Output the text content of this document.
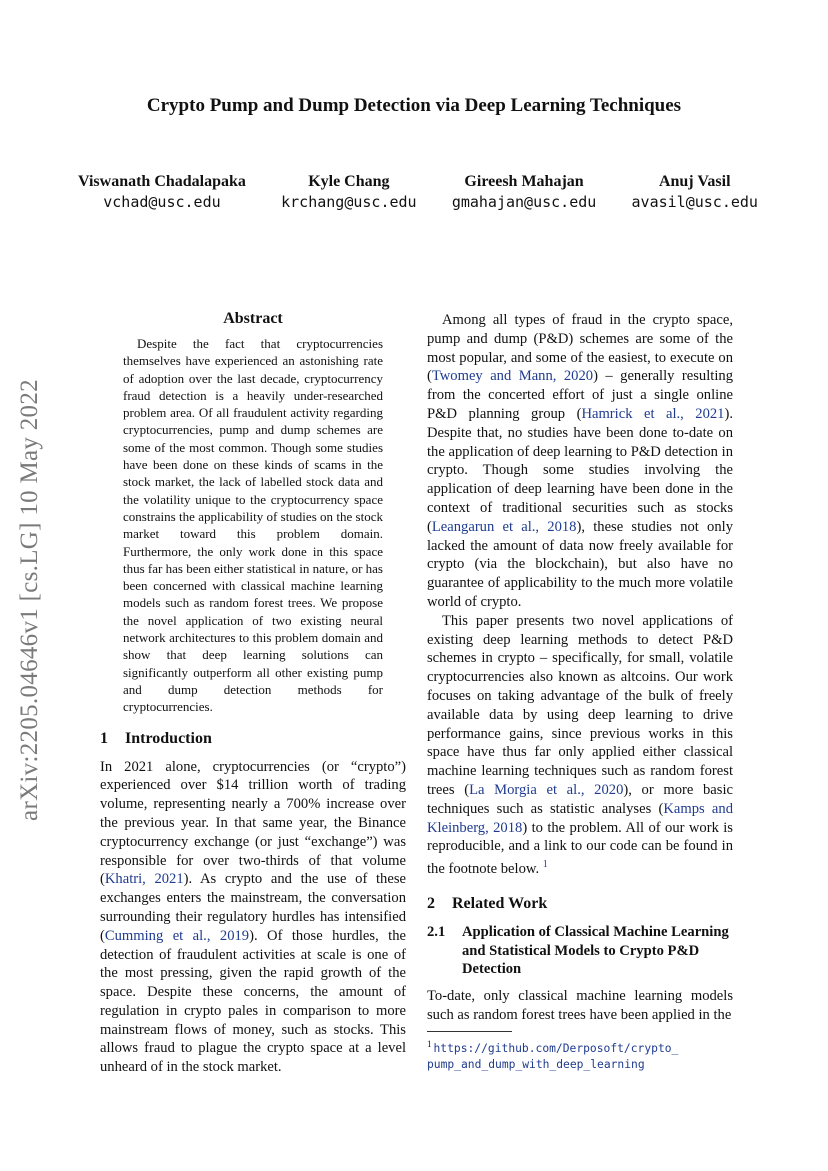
arXiv:2205.04646v1 [cs.LG] 10 May 2022
Crypto Pump and Dump Detection via Deep Learning Techniques
Viswanath Chadalapaka
vchad@usc.edu
Kyle Chang
krchang@usc.edu
Gireesh Mahajan
gmahajan@usc.edu
Anuj Vasil
avasil@usc.edu
Abstract

Despite the fact that cryptocurrencies themselves have experienced an astonishing rate of adoption over the last decade, cryptocurrency fraud detection is a heavily under-researched problem area. Of all fraudulent activity regarding cryptocurrencies, pump and dump schemes are some of the most common. Though some studies have been done on these kinds of scams in the stock market, the lack of labelled stock data and the volatility unique to the cryptocurrency space constrains the applicability of studies on the stock market toward this problem domain. Furthermore, the only work done in this space thus far has been either statistical in nature, or has been concerned with classical machine learning models such as random forest trees. We propose the novel application of two existing neural network architectures to this problem domain and show that deep learning solutions can significantly outperform all other existing pump and dump detection methods for cryptocurrencies.

1 Introduction

In 2021 alone, cryptocurrencies (or “crypto”) experienced over $14 trillion worth of trading volume, representing nearly a 700% increase over the previous year. In that same year, the Binance cryptocurrency exchange (or just “exchange”) was responsible for over two-thirds of that volume (Khatri, 2021). As crypto and the use of these exchanges enters the mainstream, the conversation surrounding their regulatory hurdles has intensified (Cumming et al., 2019). Of those hurdles, the detection of fraudulent activities at scale is one of the most pressing, given the rapid growth of the space. Despite these concerns, the amount of regulation in crypto pales in comparison to more mainstream flows of money, such as stocks. This allows fraud to plague the crypto space at a level unheard of in the stock market.

Among all types of fraud in the crypto space, pump and dump (P&D) schemes are some of the most popular, and some of the easiest, to execute on (Twomey and Mann, 2020) – generally resulting from the concerted effort of just a single online P&D planning group (Hamrick et al., 2021). Despite that, no studies have been done to-date on the application of deep learning to P&D detection in crypto. Though some studies involving the application of deep learning have been done in the context of traditional securities such as stocks (Leangarun et al., 2018), these studies not only lacked the amount of data now freely available for crypto (via the blockchain), but also have no guarantee of applicability to the much more volatile world of crypto.

This paper presents two novel applications of existing deep learning methods to detect P&D schemes in crypto – specifically, for small, volatile cryptocurrencies also known as altcoins. Our work focuses on taking advantage of the bulk of freely available data by using deep learning to drive performance gains, since previous works in this space have thus far only applied either classical machine learning techniques such as random forest trees (La Morgia et al., 2020), or more basic techniques such as statistic analyses (Kamps and Kleinberg, 2018) to the problem. All of our work is reproducible, and a link to our code can be found in the footnote below. $^1$

2 Related Work
2.1	Application of Classical Machine Learning and Statistical Models to Crypto P&D Detection

To-date, only classical machine learning models such as random forest trees have been applied in the

$^1$ https://github.com/Derposoft/crypto_
pump_and_dump_with_deep_learning
